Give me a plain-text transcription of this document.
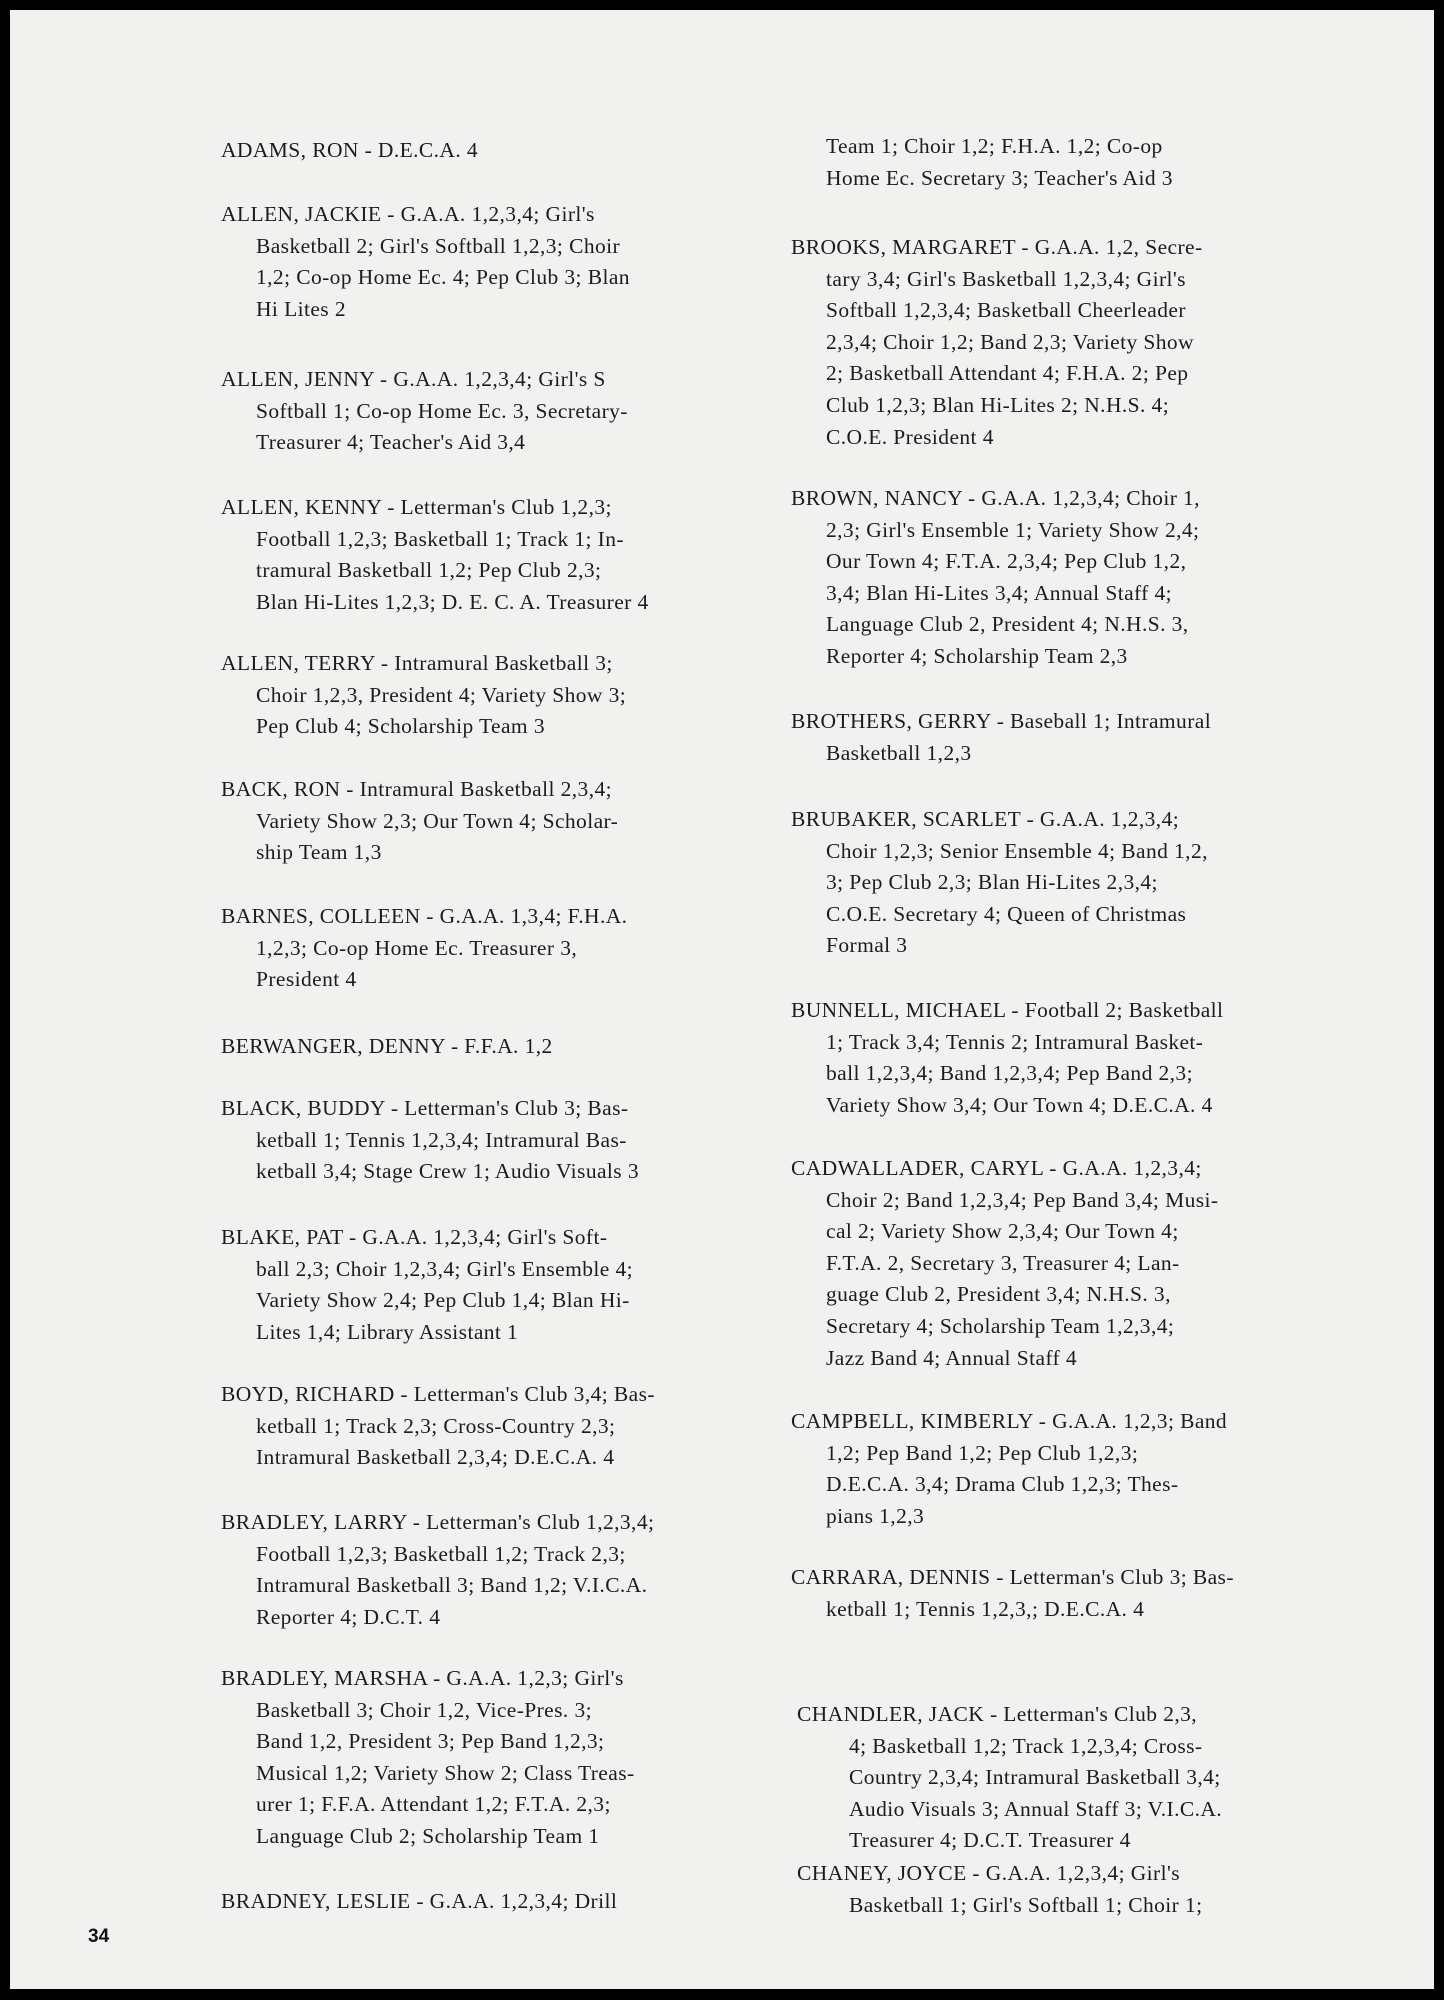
ADAMS, RON - D.E.C.A. 4
ALLEN, JACKIE - G.A.A. 1,2,3,4; Girl's
Basketball 2; Girl's Softball 1,2,3; Choir
1,2; Co-op Home Ec. 4; Pep Club 3; Blan
Hi Lites 2
ALLEN, JENNY - G.A.A. 1,2,3,4; Girl's S
Softball 1; Co-op Home Ec. 3, Secretary-
Treasurer 4; Teacher's Aid 3,4
ALLEN, KENNY - Letterman's Club 1,2,3;
Football 1,2,3; Basketball 1; Track 1; In-
tramural Basketball 1,2; Pep Club 2,3;
Blan Hi-Lites 1,2,3; D. E. C. A. Treasurer 4
ALLEN, TERRY - Intramural Basketball 3;
Choir 1,2,3, President 4; Variety Show 3;
Pep Club 4; Scholarship Team 3
BACK, RON - Intramural Basketball 2,3,4;
Variety Show 2,3; Our Town 4; Scholar-
ship Team 1,3
BARNES, COLLEEN - G.A.A. 1,3,4; F.H.A.
1,2,3; Co-op Home Ec. Treasurer 3,
President 4
BERWANGER, DENNY - F.F.A. 1,2
BLACK, BUDDY - Letterman's Club 3; Bas-
ketball 1; Tennis 1,2,3,4; Intramural Bas-
ketball 3,4; Stage Crew 1; Audio Visuals 3
BLAKE, PAT - G.A.A. 1,2,3,4; Girl's Soft-
ball 2,3; Choir 1,2,3,4; Girl's Ensemble 4;
Variety Show 2,4; Pep Club 1,4; Blan Hi-
Lites 1,4; Library Assistant 1
BOYD, RICHARD - Letterman's Club 3,4; Bas-
ketball 1; Track 2,3; Cross-Country 2,3;
Intramural Basketball 2,3,4; D.E.C.A. 4
BRADLEY, LARRY - Letterman's Club 1,2,3,4;
Football 1,2,3; Basketball 1,2; Track 2,3;
Intramural Basketball 3; Band 1,2; V.I.C.A.
Reporter 4; D.C.T. 4
BRADLEY, MARSHA - G.A.A. 1,2,3; Girl's
Basketball 3; Choir 1,2, Vice-Pres. 3;
Band 1,2, President 3; Pep Band 1,2,3;
Musical 1,2; Variety Show 2; Class Treas-
urer 1; F.F.A. Attendant 1,2; F.T.A. 2,3;
Language Club 2; Scholarship Team 1
BRADNEY, LESLIE - G.A.A. 1,2,3,4; Drill
Team 1; Choir 1,2; F.H.A. 1,2; Co-op
Home Ec. Secretary 3; Teacher's Aid 3
BROOKS, MARGARET - G.A.A. 1,2, Secre-
tary 3,4; Girl's Basketball 1,2,3,4; Girl's
Softball 1,2,3,4; Basketball Cheerleader
2,3,4; Choir 1,2; Band 2,3; Variety Show
2; Basketball Attendant 4; F.H.A. 2; Pep
Club 1,2,3; Blan Hi-Lites 2; N.H.S. 4;
C.O.E. President 4
BROWN, NANCY - G.A.A. 1,2,3,4; Choir 1,
2,3; Girl's Ensemble 1; Variety Show 2,4;
Our Town 4; F.T.A. 2,3,4; Pep Club 1,2,
3,4; Blan Hi-Lites 3,4; Annual Staff 4;
Language Club 2, President 4; N.H.S. 3,
Reporter 4; Scholarship Team 2,3
BROTHERS, GERRY - Baseball 1; Intramural
Basketball 1,2,3
BRUBAKER, SCARLET - G.A.A. 1,2,3,4;
Choir 1,2,3; Senior Ensemble 4; Band 1,2,
3; Pep Club 2,3; Blan Hi-Lites 2,3,4;
C.O.E. Secretary 4; Queen of Christmas
Formal 3
BUNNELL, MICHAEL - Football 2; Basketball
1; Track 3,4; Tennis 2; Intramural Basket-
ball 1,2,3,4; Band 1,2,3,4; Pep Band 2,3;
Variety Show 3,4; Our Town 4; D.E.C.A. 4
CADWALLADER, CARYL - G.A.A. 1,2,3,4;
Choir 2; Band 1,2,3,4; Pep Band 3,4; Musi-
cal 2; Variety Show 2,3,4; Our Town 4;
F.T.A. 2, Secretary 3, Treasurer 4; Lan-
guage Club 2, President 3,4; N.H.S. 3,
Secretary 4; Scholarship Team 1,2,3,4;
Jazz Band 4; Annual Staff 4
CAMPBELL, KIMBERLY - G.A.A. 1,2,3; Band
1,2; Pep Band 1,2; Pep Club 1,2,3;
D.E.C.A. 3,4; Drama Club 1,2,3; Thes-
pians 1,2,3
CARRARA, DENNIS - Letterman's Club 3; Bas-
ketball 1; Tennis 1,2,3,; D.E.C.A. 4
CHANDLER, JACK - Letterman's Club 2,3,
4; Basketball 1,2; Track 1,2,3,4; Cross-
Country 2,3,4; Intramural Basketball 3,4;
Audio Visuals 3; Annual Staff 3; V.I.C.A.
Treasurer 4; D.C.T. Treasurer 4
CHANEY, JOYCE - G.A.A. 1,2,3,4; Girl's
Basketball 1; Girl's Softball 1; Choir 1;
34
